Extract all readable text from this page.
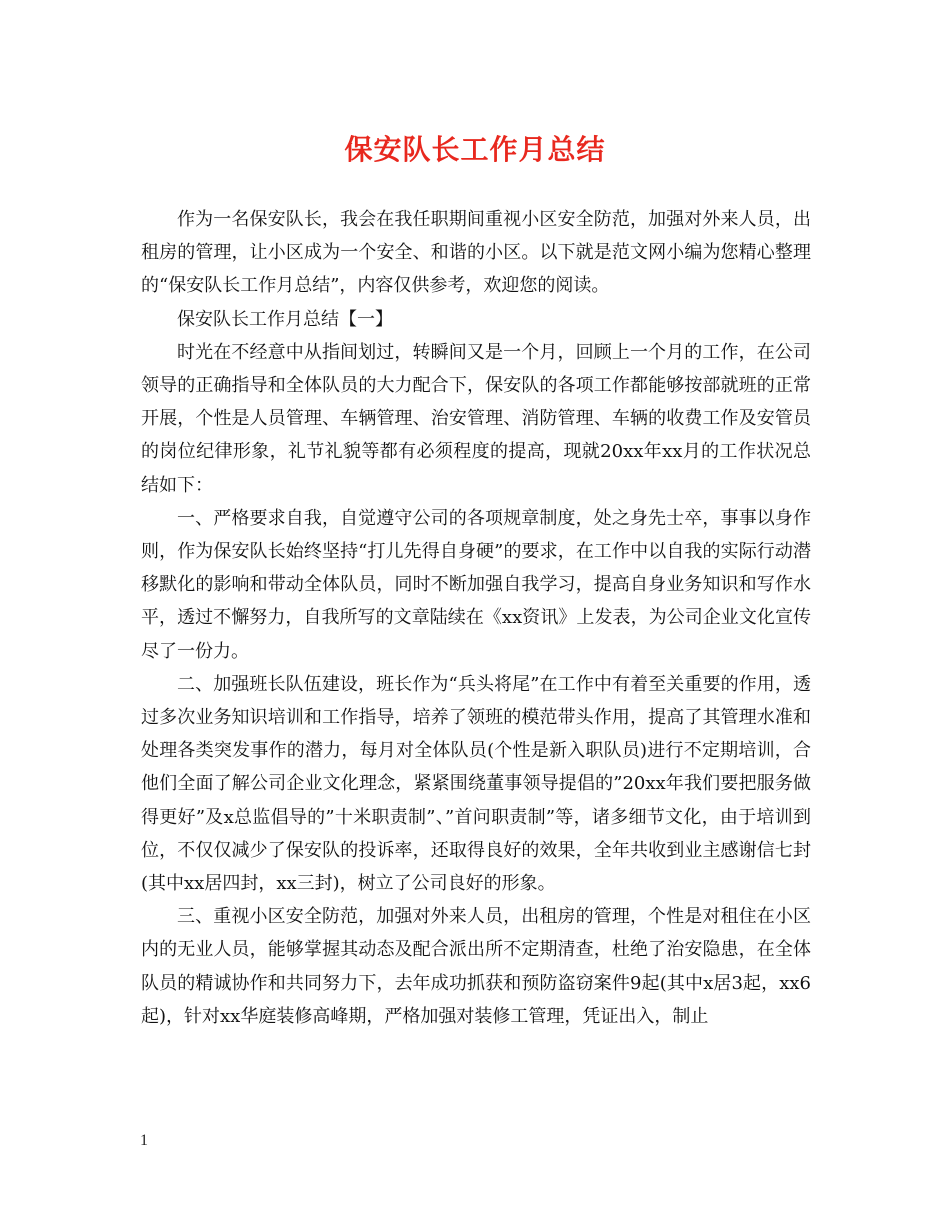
保安队长工作月总结

作为一名保安队长，我会在我任职期间重视小区安全防范，加强对外来人员，出租房的管理，让小区成为一个安全、和谐的小区。以下就是范文网小编为您精心整理的“保安队长工作月总结”，内容仅供参考，欢迎您的阅读。

保安队长工作月总结【一】

时光在不经意中从指间划过，转瞬间又是一个月，回顾上一个月的工作，在公司领导的正确指导和全体队员的大力配合下，保安队的各项工作都能够按部就班的正常开展，个性是人员管理、车辆管理、治安管理、消防管理、车辆的收费工作及安管员的岗位纪律形象，礼节礼貌等都有必须程度的提高，现就20xx年xx月的工作状况总结如下：

一、严格要求自我，自觉遵守公司的各项规章制度，处之身先士卒，事事以身作则，作为保安队长始终坚持“打儿先得自身硬”的要求，在工作中以自我的实际行动潜移默化的影响和带动全体队员，同时不断加强自我学习，提高自身业务知识和写作水平，透过不懈努力，自我所写的文章陆续在《xx资讯》上发表，为公司企业文化宣传尽了一份力。

二、加强班长队伍建设，班长作为“兵头将尾”在工作中有着至关重要的作用，透过多次业务知识培训和工作指导，培养了领班的模范带头作用，提高了其管理水准和处理各类突发事作的潜力，每月对全体队员(个性是新入职队员)进行不定期培训，合他们全面了解公司企业文化理念，紧紧围绕董事领导提倡的”20xx年我们要把服务做得更好”及x总监倡导的”十米职责制”、”首问职责制”等，诸多细节文化，由于培训到位，不仅仅减少了保安队的投诉率，还取得良好的效果，全年共收到业主感谢信七封(其中xx居四封，xx三封)，树立了公司良好的形象。

三、重视小区安全防范，加强对外来人员，出租房的管理，个性是对租住在小区内的无业人员，能够掌握其动态及配合派出所不定期清查，杜绝了治安隐患，在全体队员的精诚协作和共同努力下，去年成功抓获和预防盗窃案件9起(其中x居3起，xx6起)，针对xx华庭装修高峰期，严格加强对装修工管理，凭证出入，制止

1
